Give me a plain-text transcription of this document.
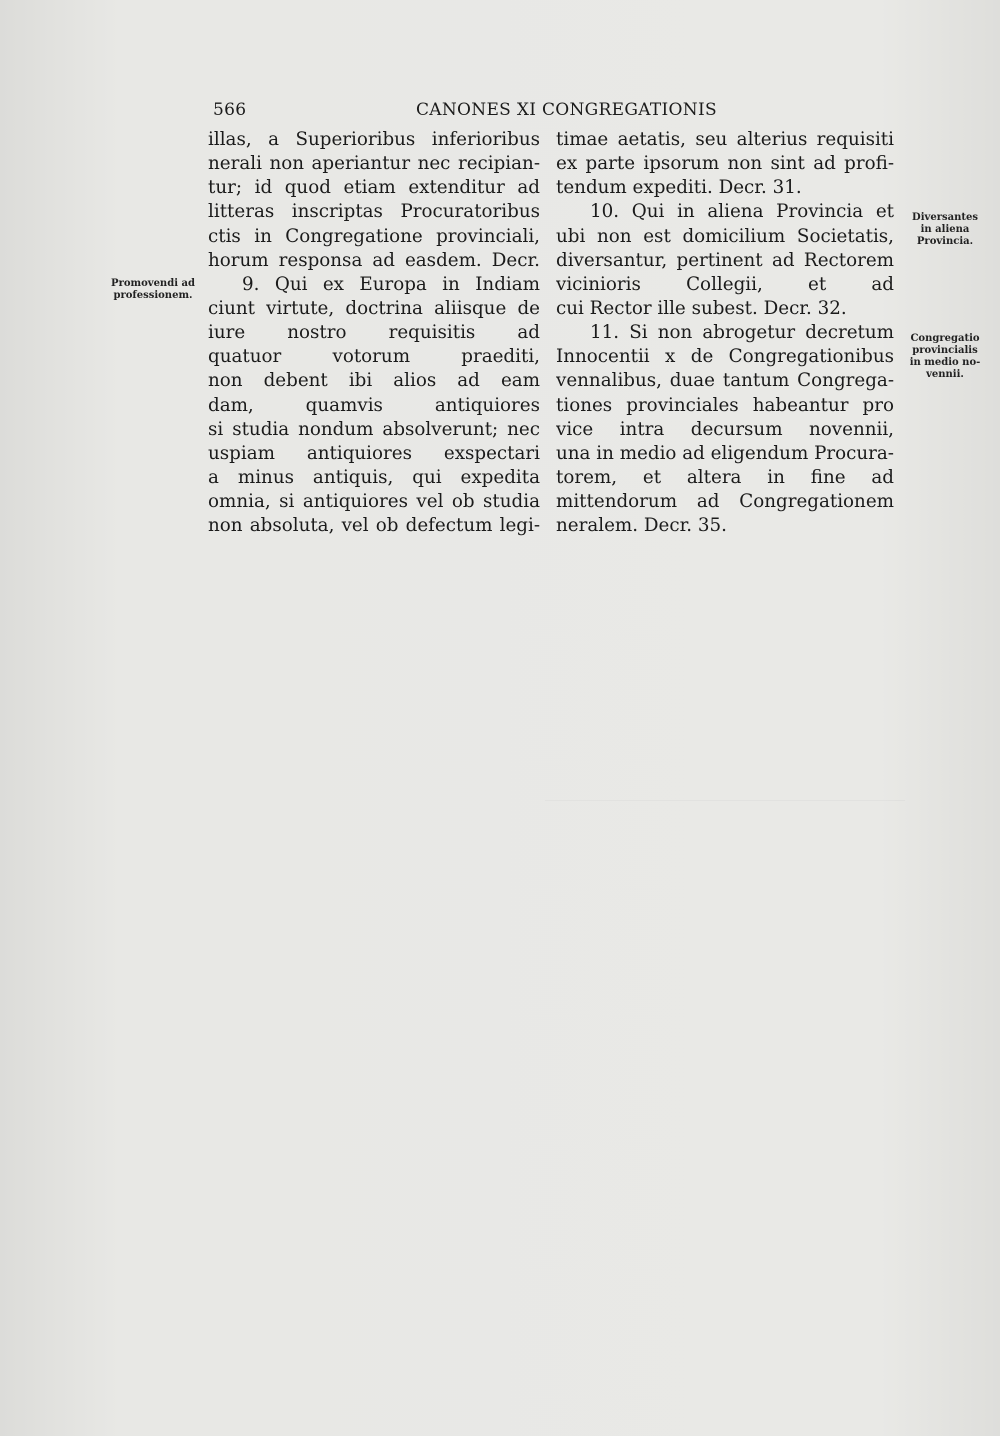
566	CANONES XI CONGREGATIONIS
illas, a Superioribus inferioribus
nerali non aperiantur nec recipian-
tur; id quod etiam extenditur ad
litteras inscriptas Procuratoribus
ctis in Congregatione provinciali,
horum responsa ad easdem. Decr.
9. Qui ex Europa in Indiam
ciunt virtute, doctrina aliisque de
iure nostro requisitis ad
quatuor votorum praediti,
non debent ibi alios ad eam
dam, quamvis antiquiores
si studia nondum absolverunt; nec
uspiam antiquiores exspectari
a minus antiquis, qui expedita
omnia, si antiquiores vel ob studia
non absoluta, vel ob defectum legi-
timae aetatis, seu alterius requisiti
ex parte ipsorum non sint ad profi-
tendum expediti. Decr. 31.
10. Qui in aliena Provincia et
ubi non est domicilium Societatis,
diversantur, pertinent ad Rectorem
vicinioris Collegii, et ad
cui Rector ille subest. Decr. 32.
11. Si non abrogetur decretum
Innocentii x de Congregationibus
vennalibus, duae tantum Congrega-
tiones provinciales habeantur pro
vice intra decursum novennii,
una in medio ad eligendum Procura-
torem, et altera in fine ad
mittendorum ad Congregationem
neralem. Decr. 35.
Promovendi ad
professionem.
Diversantes
in aliena
Provincia.
Congregatio
provincialis
in medio no-
vennii.
